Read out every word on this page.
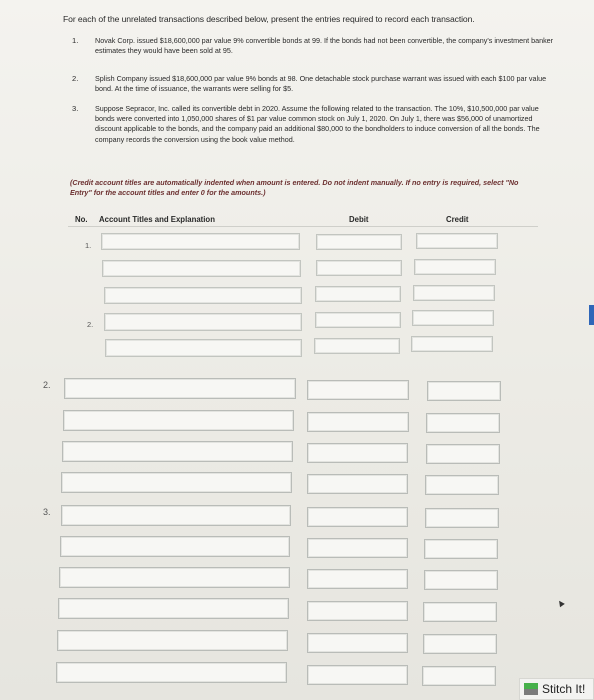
For each of the unrelated transactions described below, present the entries required to record each transaction.
1. Novak Corp. issued $18,600,000 par value 9% convertible bonds at 99. If the bonds had not been convertible, the company's investment banker estimates they would have been sold at 95.
2. Splish Company issued $18,600,000 par value 9% bonds at 98. One detachable stock purchase warrant was issued with each $100 par value bond. At the time of issuance, the warrants were selling for $5.
3. Suppose Sepracor, Inc. called its convertible debt in 2020. Assume the following related to the transaction. The 10%, $10,500,000 par value bonds were converted into 1,050,000 shares of $1 par value common stock on July 1, 2020. On July 1, there was $56,000 of unamortized discount applicable to the bonds, and the company paid an additional $80,000 to the bondholders to induce conversion of all the bonds. The company records the conversion using the book value method.
(Credit account titles are automatically indented when amount is entered. Do not indent manually. If no entry is required, select "No Entry" for the account titles and enter 0 for the amounts.)
No. Account Titles and Explanation	Debit	Credit
1.
2.
2.
3.
▲
Stitch It!
